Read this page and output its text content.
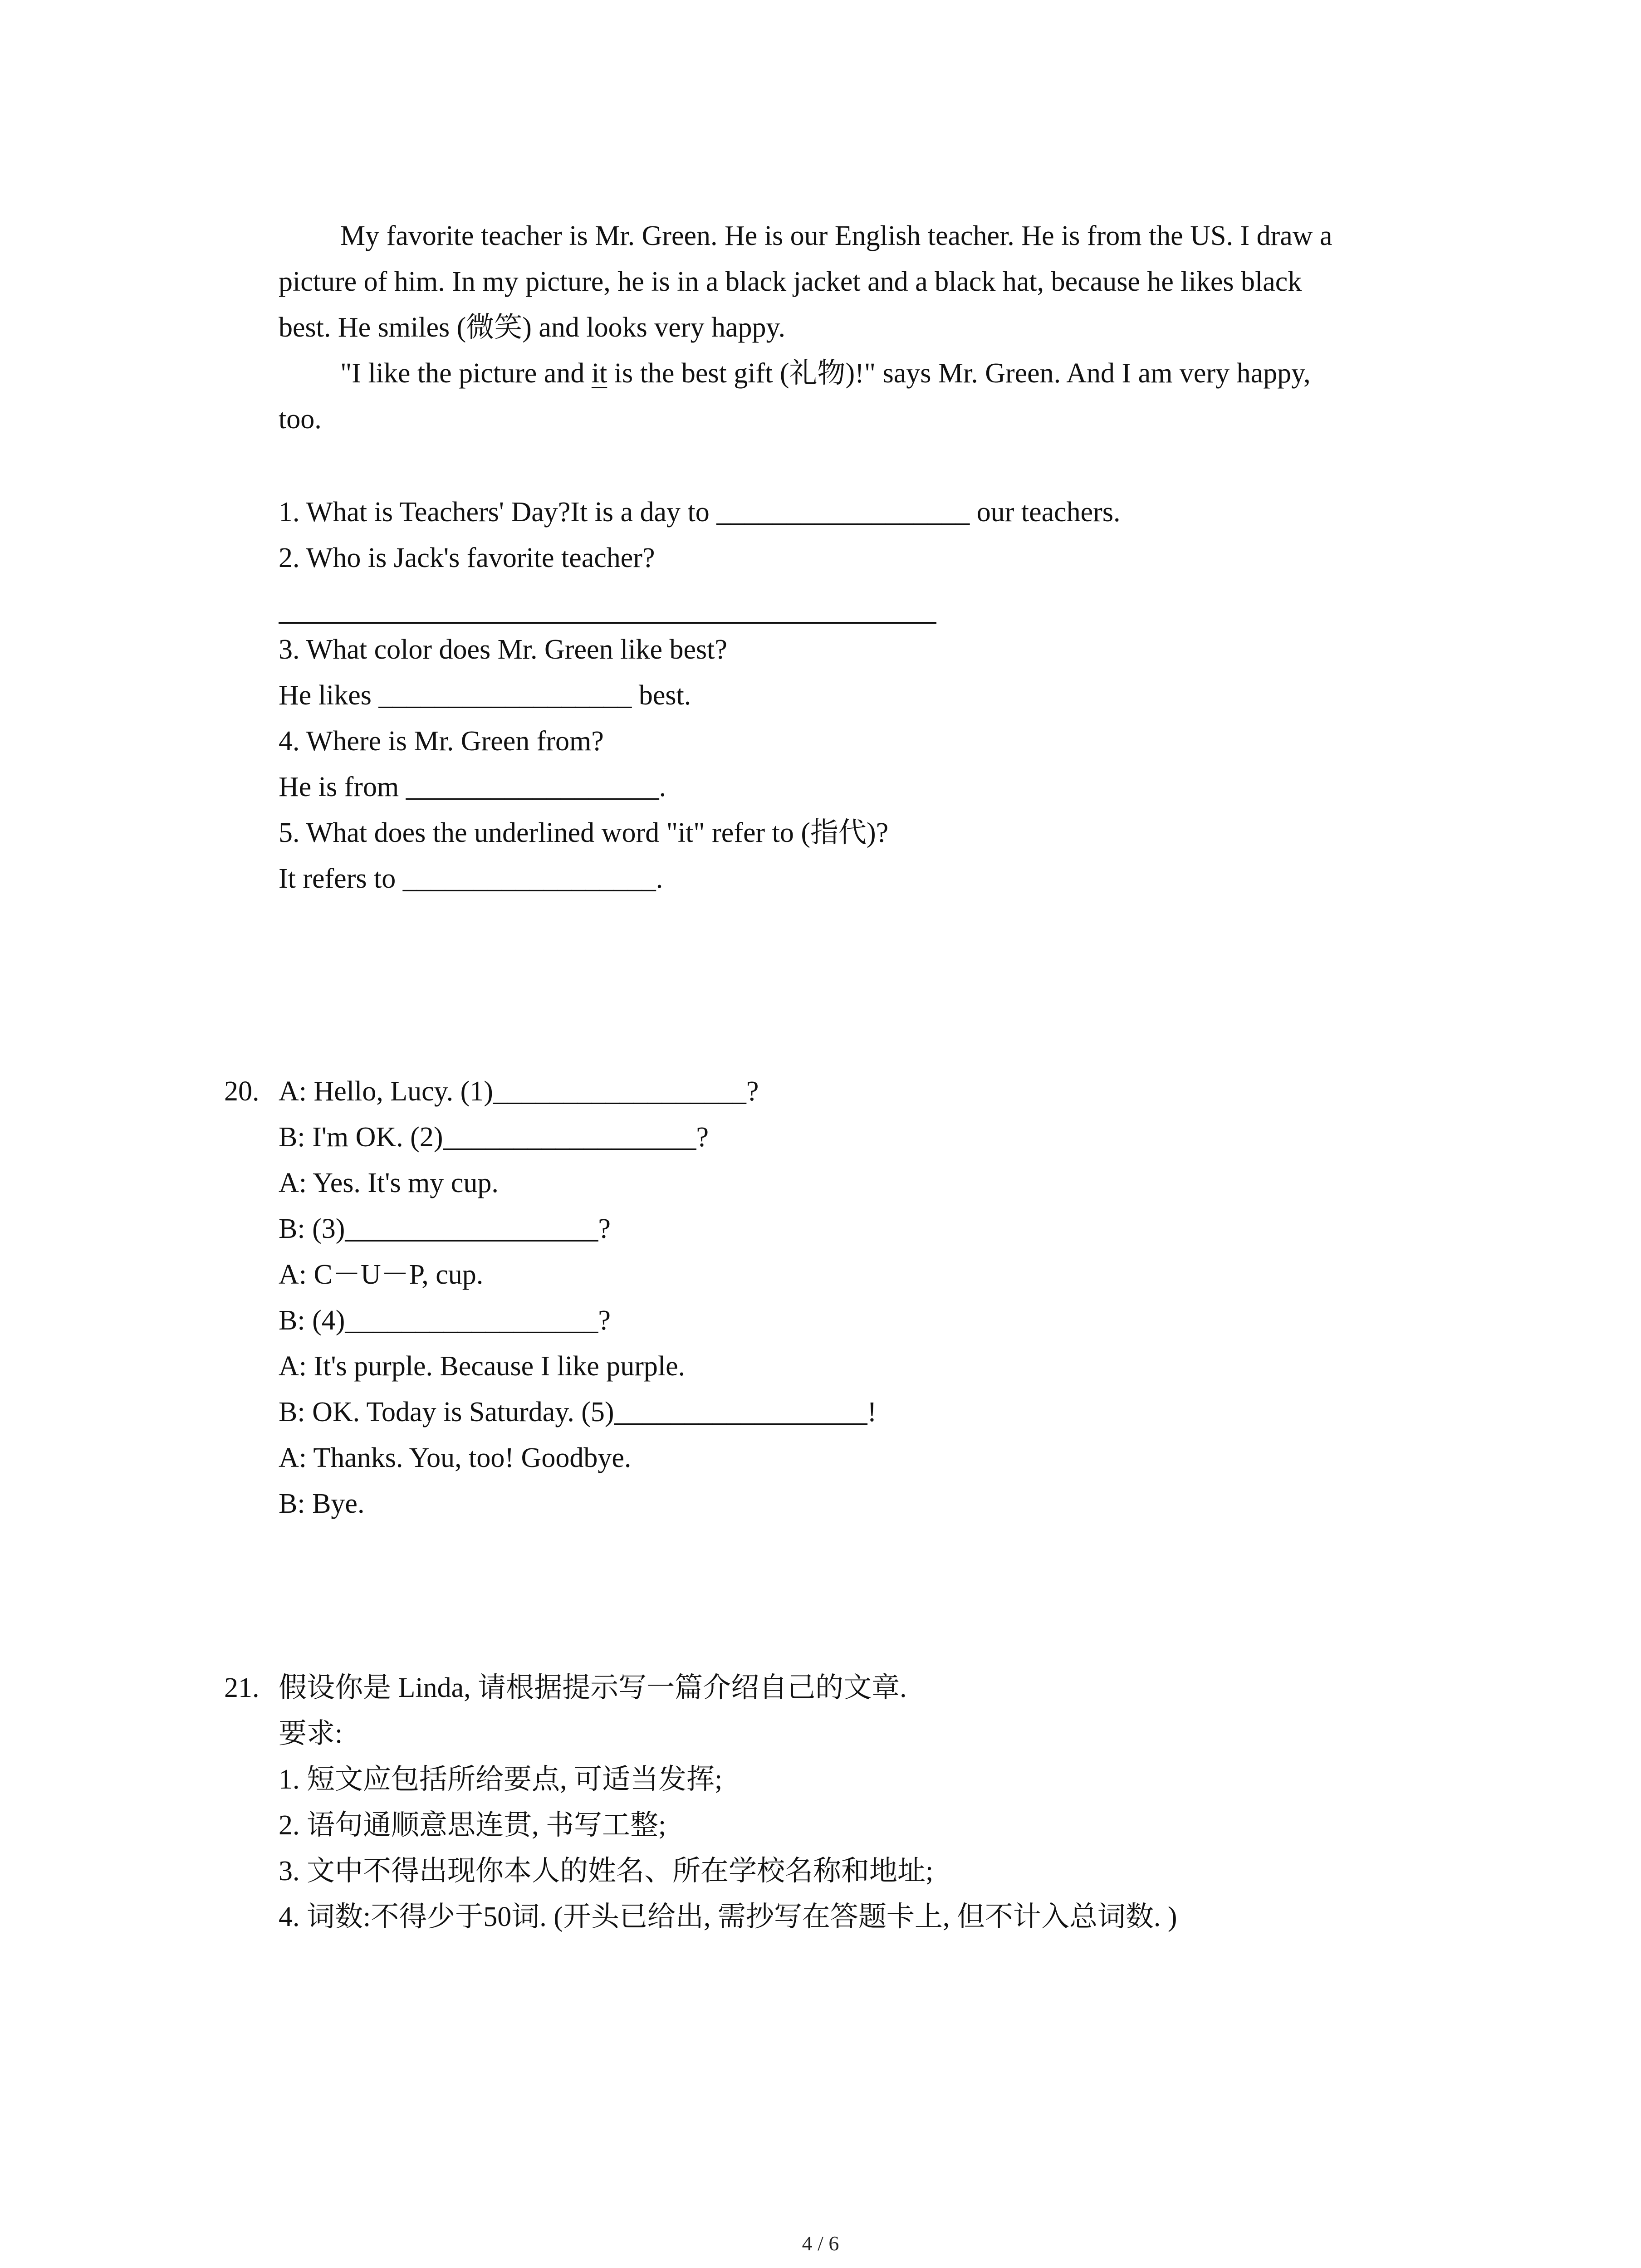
My favorite teacher is Mr. Green. He is our English teacher. He is from the US. I draw a
picture of him. In my picture, he is in a black jacket and a black hat, because he likes black
best. He smiles (微笑) and looks very happy.
"I like the picture and it is the best gift (礼物)!" says Mr. Green. And I am very happy,
too.
1. What is Teachers' Day?It is a day to __________________ our teachers.
2. Who is Jack's favorite teacher?
3. What color does Mr. Green like best?
He likes __________________ best.
4. Where is Mr. Green from?
He is from __________________.
5. What does the underlined word "it" refer to (指代)?
It refers to __________________.
20. A: Hello, Lucy. (1)__________________?
B: I'm OK. (2)__________________?
A: Yes. It's my cup.
B: (3)__________________?
A: C－U－P, cup.
B: (4)__________________?
A: It's purple. Because I like purple.
B: OK. Today is Saturday. (5)__________________!
A: Thanks. You, too! Goodbye.
B: Bye.
21. 假设你是 Linda, 请根据提示写一篇介绍自己的文章.
要求:
1. 短文应包括所给要点, 可适当发挥;
2. 语句通顺意思连贯, 书写工整;
3. 文中不得出现你本人的姓名、所在学校名称和地址;
4. 词数:不得少于50词. (开头已给出, 需抄写在答题卡上, 但不计入总词数. )
4 / 6
